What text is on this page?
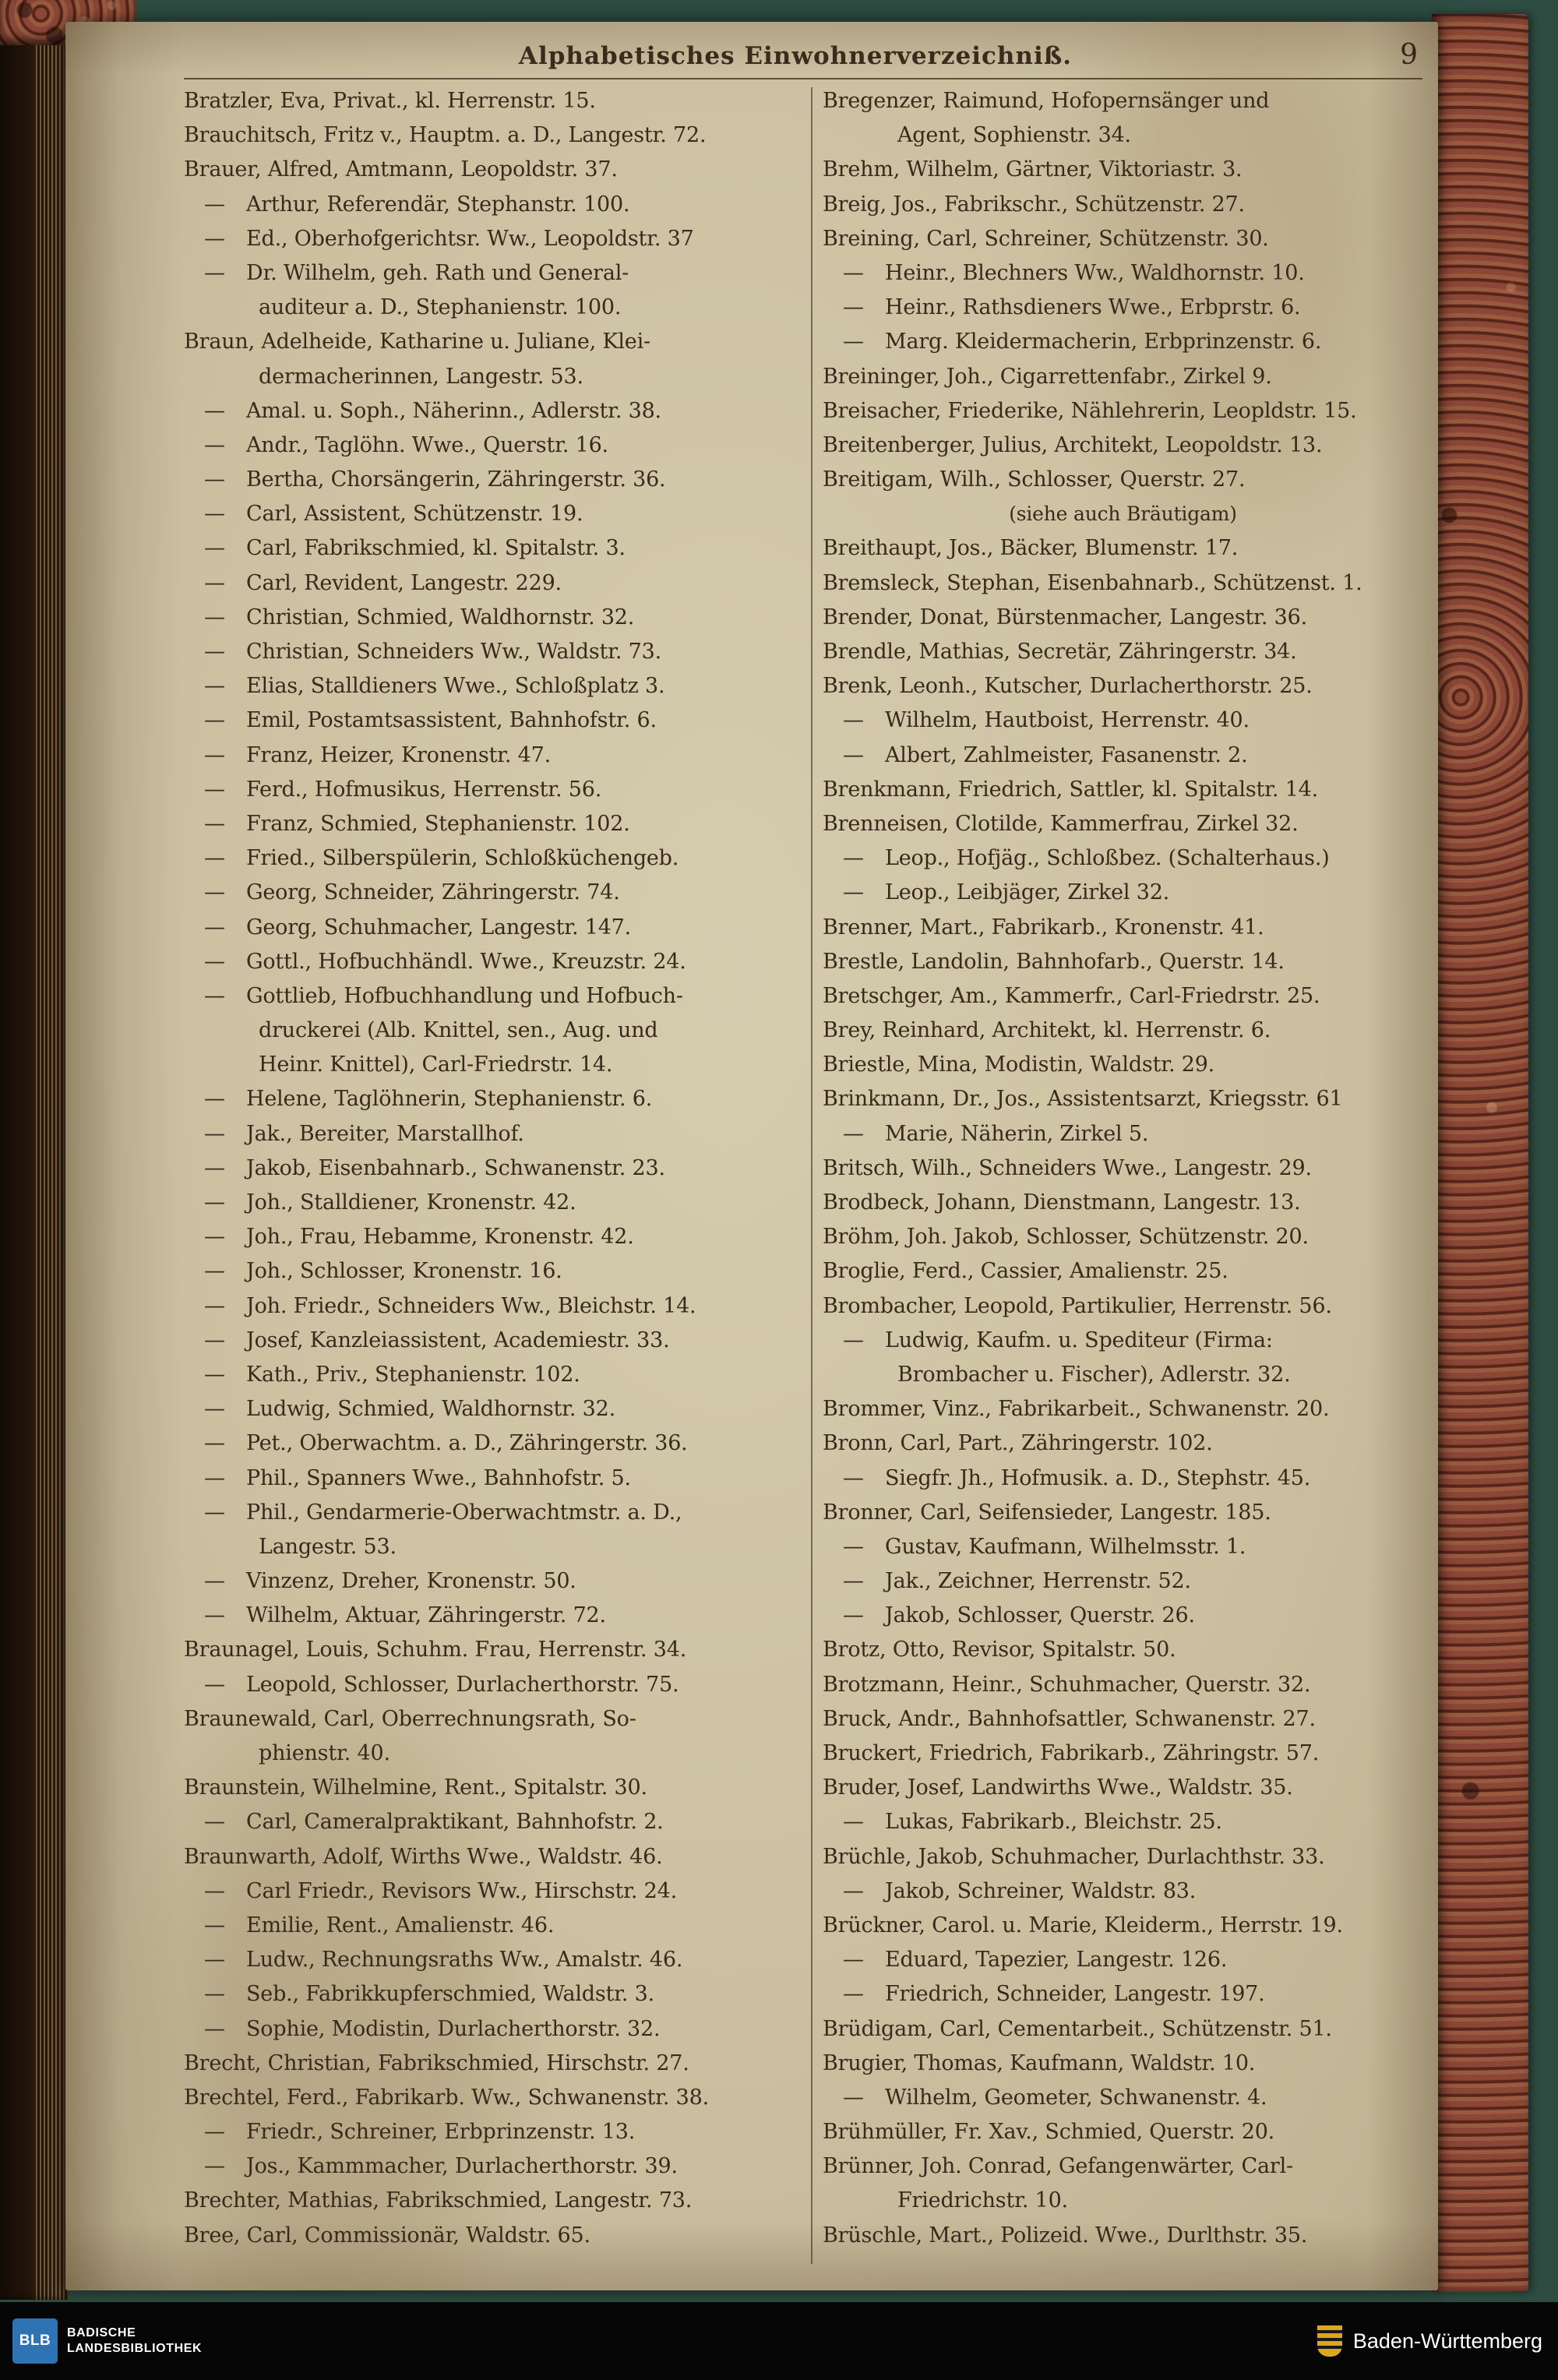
Alphabetisches Einwohnerverzeichniß.	9
Bratzler, Eva, Privat., kl. Herrenstr. 15.
Brauchitsch, Fritz v., Hauptm. a. D., Langestr. 72.
Brauer, Alfred, Amtmann, Leopoldstr. 37.
— Arthur, Referendär, Stephanstr. 100.
— Ed., Oberhofgerichtsr. Ww., Leopoldstr. 37
— Dr. Wilhelm, geh. Rath und General-
auditeur a. D., Stephanienstr. 100.
Braun, Adelheide, Katharine u. Juliane, Klei-
dermacherinnen, Langestr. 53.
— Amal. u. Soph., Näherinn., Adlerstr. 38.
— Andr., Taglöhn. Wwe., Querstr. 16.
— Bertha, Chorsängerin, Zähringerstr. 36.
— Carl, Assistent, Schützenstr. 19.
— Carl, Fabrikschmied, kl. Spitalstr. 3.
— Carl, Revident, Langestr. 229.
— Christian, Schmied, Waldhornstr. 32.
— Christian, Schneiders Ww., Waldstr. 73.
— Elias, Stalldieners Wwe., Schloßplatz 3.
— Emil, Postamtsassistent, Bahnhofstr. 6.
— Franz, Heizer, Kronenstr. 47.
— Ferd., Hofmusikus, Herrenstr. 56.
— Franz, Schmied, Stephanienstr. 102.
— Fried., Silberspülerin, Schloßküchengeb.
— Georg, Schneider, Zähringerstr. 74.
— Georg, Schuhmacher, Langestr. 147.
— Gottl., Hofbuchhändl. Wwe., Kreuzstr. 24.
— Gottlieb, Hofbuchhandlung und Hofbuch-
druckerei (Alb. Knittel, sen., Aug. und
Heinr. Knittel), Carl-Friedrstr. 14.
— Helene, Taglöhnerin, Stephanienstr. 6.
— Jak., Bereiter, Marstallhof.
— Jakob, Eisenbahnarb., Schwanenstr. 23.
— Joh., Stalldiener, Kronenstr. 42.
— Joh., Frau, Hebamme, Kronenstr. 42.
— Joh., Schlosser, Kronenstr. 16.
— Joh. Friedr., Schneiders Ww., Bleichstr. 14.
— Josef, Kanzleiassistent, Academiestr. 33.
— Kath., Priv., Stephanienstr. 102.
— Ludwig, Schmied, Waldhornstr. 32.
— Pet., Oberwachtm. a. D., Zähringerstr. 36.
— Phil., Spanners Wwe., Bahnhofstr. 5.
— Phil., Gendarmerie-Oberwachtmstr. a. D.,
Langestr. 53.
— Vinzenz, Dreher, Kronenstr. 50.
— Wilhelm, Aktuar, Zähringerstr. 72.
Braunagel, Louis, Schuhm. Frau, Herrenstr. 34.
— Leopold, Schlosser, Durlacherthorstr. 75.
Braunewald, Carl, Oberrechnungsrath, So-
phienstr. 40.
Braunstein, Wilhelmine, Rent., Spitalstr. 30.
— Carl, Cameralpraktikant, Bahnhofstr. 2.
Braunwarth, Adolf, Wirths Wwe., Waldstr. 46.
— Carl Friedr., Revisors Ww., Hirschstr. 24.
— Emilie, Rent., Amalienstr. 46.
— Ludw., Rechnungsraths Ww., Amalstr. 46.
— Seb., Fabrikkupferschmied, Waldstr. 3.
— Sophie, Modistin, Durlacherthorstr. 32.
Brecht, Christian, Fabrikschmied, Hirschstr. 27.
Brechtel, Ferd., Fabrikarb. Ww., Schwanenstr. 38.
— Friedr., Schreiner, Erbprinzenstr. 13.
— Jos., Kammmacher, Durlacherthorstr. 39.
Brechter, Mathias, Fabrikschmied, Langestr. 73.
Bree, Carl, Commissionär, Waldstr. 65.
Bregenzer, Raimund, Hofopernsänger und
Agent, Sophienstr. 34.
Brehm, Wilhelm, Gärtner, Viktoriastr. 3.
Breig, Jos., Fabrikschr., Schützenstr. 27.
Breining, Carl, Schreiner, Schützenstr. 30.
— Heinr., Blechners Ww., Waldhornstr. 10.
— Heinr., Rathsdieners Wwe., Erbprstr. 6.
— Marg. Kleidermacherin, Erbprinzenstr. 6.
Breininger, Joh., Cigarrettenfabr., Zirkel 9.
Breisacher, Friederike, Nählehrerin, Leopldstr. 15.
Breitenberger, Julius, Architekt, Leopoldstr. 13.
Breitigam, Wilh., Schlosser, Querstr. 27.
(siehe auch Bräutigam)
Breithaupt, Jos., Bäcker, Blumenstr. 17.
Bremsleck, Stephan, Eisenbahnarb., Schützenst. 1.
Brender, Donat, Bürstenmacher, Langestr. 36.
Brendle, Mathias, Secretär, Zähringerstr. 34.
Brenk, Leonh., Kutscher, Durlacherthorstr. 25.
— Wilhelm, Hautboist, Herrenstr. 40.
— Albert, Zahlmeister, Fasanenstr. 2.
Brenkmann, Friedrich, Sattler, kl. Spitalstr. 14.
Brenneisen, Clotilde, Kammerfrau, Zirkel 32.
— Leop., Hofjäg., Schloßbez. (Schalterhaus.)
— Leop., Leibjäger, Zirkel 32.
Brenner, Mart., Fabrikarb., Kronenstr. 41.
Brestle, Landolin, Bahnhofarb., Querstr. 14.
Bretschger, Am., Kammerfr., Carl-Friedrstr. 25.
Brey, Reinhard, Architekt, kl. Herrenstr. 6.
Briestle, Mina, Modistin, Waldstr. 29.
Brinkmann, Dr., Jos., Assistentsarzt, Kriegsstr. 61
— Marie, Näherin, Zirkel 5.
Britsch, Wilh., Schneiders Wwe., Langestr. 29.
Brodbeck, Johann, Dienstmann, Langestr. 13.
Bröhm, Joh. Jakob, Schlosser, Schützenstr. 20.
Broglie, Ferd., Cassier, Amalienstr. 25.
Brombacher, Leopold, Partikulier, Herrenstr. 56.
— Ludwig, Kaufm. u. Spediteur (Firma:
Brombacher u. Fischer), Adlerstr. 32.
Brommer, Vinz., Fabrikarbeit., Schwanenstr. 20.
Bronn, Carl, Part., Zähringerstr. 102.
— Siegfr. Jh., Hofmusik. a. D., Stephstr. 45.
Bronner, Carl, Seifensieder, Langestr. 185.
— Gustav, Kaufmann, Wilhelmsstr. 1.
— Jak., Zeichner, Herrenstr. 52.
— Jakob, Schlosser, Querstr. 26.
Brotz, Otto, Revisor, Spitalstr. 50.
Brotzmann, Heinr., Schuhmacher, Querstr. 32.
Bruck, Andr., Bahnhofsattler, Schwanenstr. 27.
Bruckert, Friedrich, Fabrikarb., Zähringstr. 57.
Bruder, Josef, Landwirths Wwe., Waldstr. 35.
— Lukas, Fabrikarb., Bleichstr. 25.
Brüchle, Jakob, Schuhmacher, Durlachthstr. 33.
— Jakob, Schreiner, Waldstr. 83.
Brückner, Carol. u. Marie, Kleiderm., Herrstr. 19.
— Eduard, Tapezier, Langestr. 126.
— Friedrich, Schneider, Langestr. 197.
Brüdigam, Carl, Cementarbeit., Schützenstr. 51.
Brugier, Thomas, Kaufmann, Waldstr. 10.
— Wilhelm, Geometer, Schwanenstr. 4.
Brühmüller, Fr. Xav., Schmied, Querstr. 20.
Brünner, Joh. Conrad, Gefangenwärter, Carl-
Friedrichstr. 10.
Brüschle, Mart., Polizeid. Wwe., Durlthstr. 35.
BLB BADISCHE
LANDESBIBLIOTHEK	Baden-Württemberg
